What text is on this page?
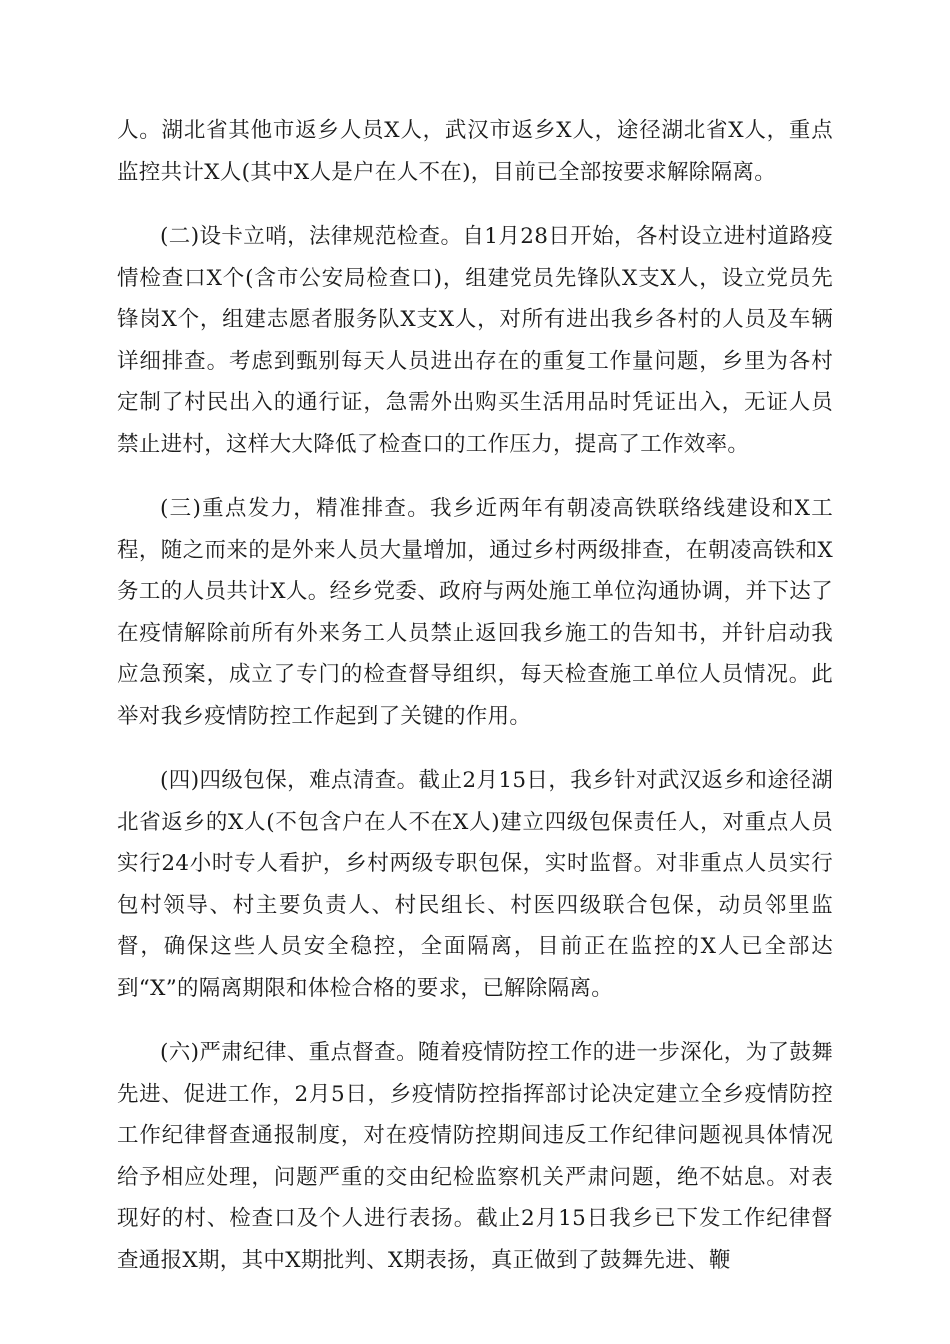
人。湖北省其他市返乡人员X人，武汉市返乡X人，途径湖北省X人，重点监控共计X人(其中X人是户在人不在)，目前已全部按要求解除隔离。

(二)设卡立哨，法律规范检查。自1月28日开始，各村设立进村道路疫情检查口X个(含市公安局检查口)，组建党员先锋队X支X人，设立党员先锋岗X个，组建志愿者服务队X支X人，对所有进出我乡各村的人员及车辆详细排查。考虑到甄别每天人员进出存在的重复工作量问题，乡里为各村定制了村民出入的通行证，急需外出购买生活用品时凭证出入，无证人员禁止进村，这样大大降低了检查口的工作压力，提高了工作效率。

(三)重点发力，精准排查。我乡近两年有朝凌高铁联络线建设和X工程，随之而来的是外来人员大量增加，通过乡村两级排查，在朝凌高铁和X务工的人员共计X人。经乡党委、政府与两处施工单位沟通协调，并下达了在疫情解除前所有外来务工人员禁止返回我乡施工的告知书，并针启动我应急预案，成立了专门的检查督导组织，每天检查施工单位人员情况。此举对我乡疫情防控工作起到了关键的作用。

(四)四级包保，难点清查。截止2月15日，我乡针对武汉返乡和途径湖北省返乡的X人(不包含户在人不在X人)建立四级包保责任人，对重点人员实行24小时专人看护，乡村两级专职包保，实时监督。对非重点人员实行包村领导、村主要负责人、村民组长、村医四级联合包保，动员邻里监督，确保这些人员安全稳控，全面隔离，目前正在监控的X人已全部达到“X”的隔离期限和体检合格的要求，已解除隔离。

(六)严肃纪律、重点督查。随着疫情防控工作的进一步深化，为了鼓舞先进、促进工作，2月5日，乡疫情防控指挥部讨论决定建立全乡疫情防控工作纪律督查通报制度，对在疫情防控期间违反工作纪律问题视具体情况给予相应处理，问题严重的交由纪检监察机关严肃问题，绝不姑息。对表现好的村、检查口及个人进行表扬。截止2月15日我乡已下发工作纪律督查通报X期，其中X期批判、X期表扬，真正做到了鼓舞先进、鞭
